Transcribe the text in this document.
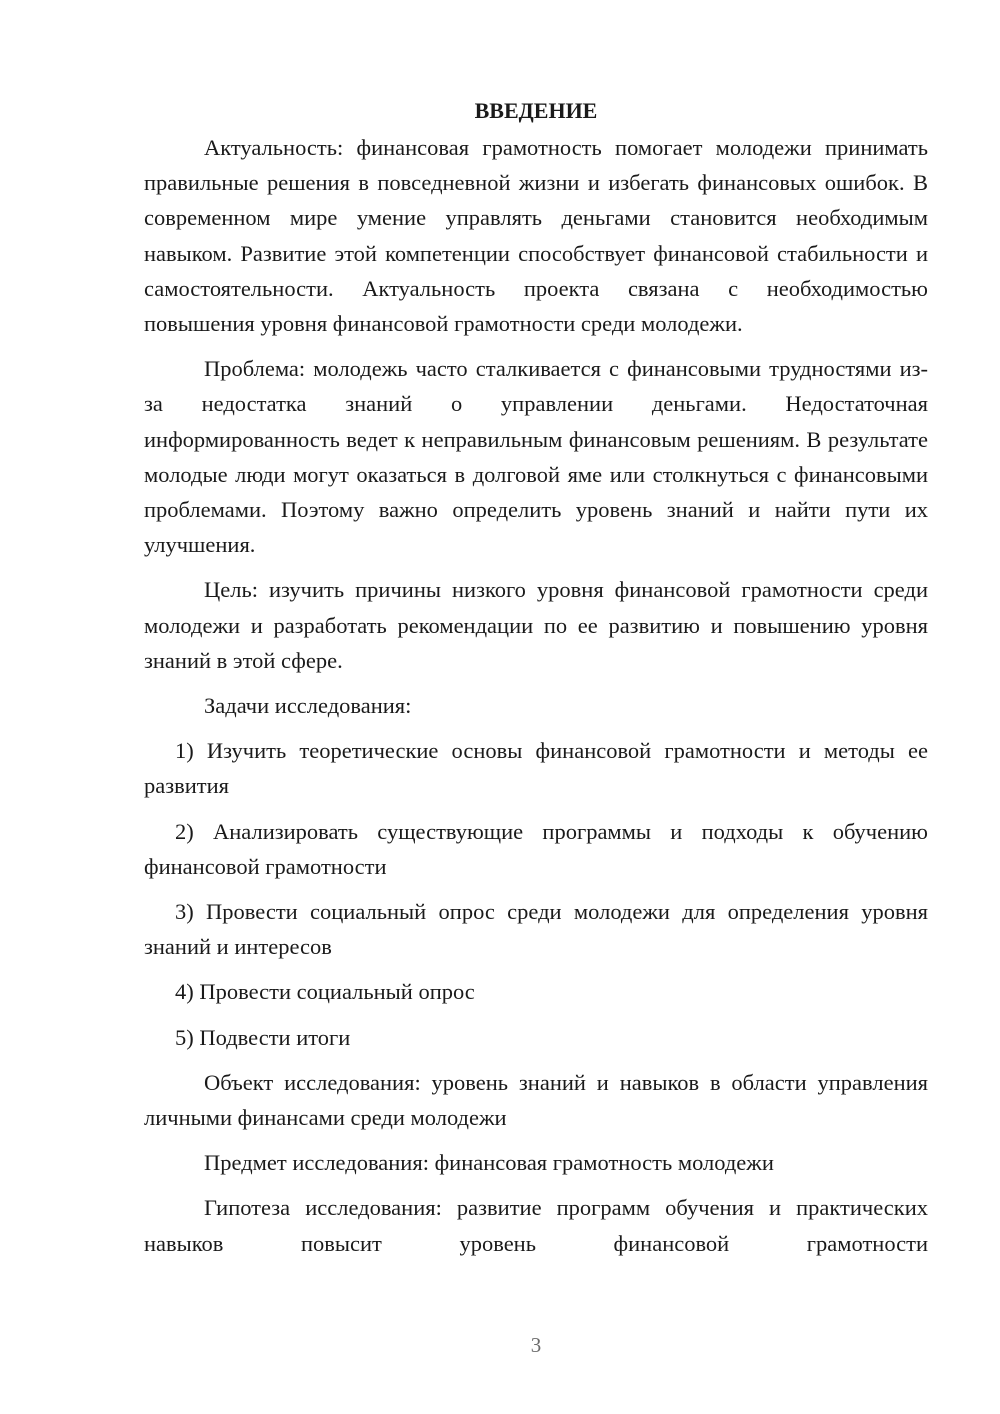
ВВЕДЕНИЕ

Актуальность: финансовая грамотность помогает молодежи принимать правильные решения в повседневной жизни и избегать финансовых ошибок. В современном мире умение управлять деньгами становится необходимым навыком. Развитие этой компетенции способствует финансовой стабильности и самостоятельности. Актуальность проекта связана с необходимостью повышения уровня финансовой грамотности среди молодежи.

Проблема: молодежь часто сталкивается с финансовыми трудностями из-за недостатка знаний о управлении деньгами. Недостаточная информированность ведет к неправильным финансовым решениям. В результате молодые люди могут оказаться в долговой яме или столкнуться с финансовыми проблемами. Поэтому важно определить уровень знаний и найти пути их улучшения.

Цель: изучить причины низкого уровня финансовой грамотности среди молодежи и разработать рекомендации по ее развитию и повышению уровня знаний в этой сфере.

Задачи исследования:

1) Изучить теоретические основы финансовой грамотности и методы ее развития

2) Анализировать существующие программы и подходы к обучению финансовой грамотности

3) Провести социальный опрос среди молодежи для определения уровня знаний и интересов

4) Провести социальный опрос

5) Подвести итоги

Объект исследования: уровень знаний и навыков в области управления личными финансами среди молодежи

Предмет исследования: финансовая грамотность молодежи

Гипотеза исследования: развитие программ обучения и практических навыков повысит уровень финансовой грамотности

3
